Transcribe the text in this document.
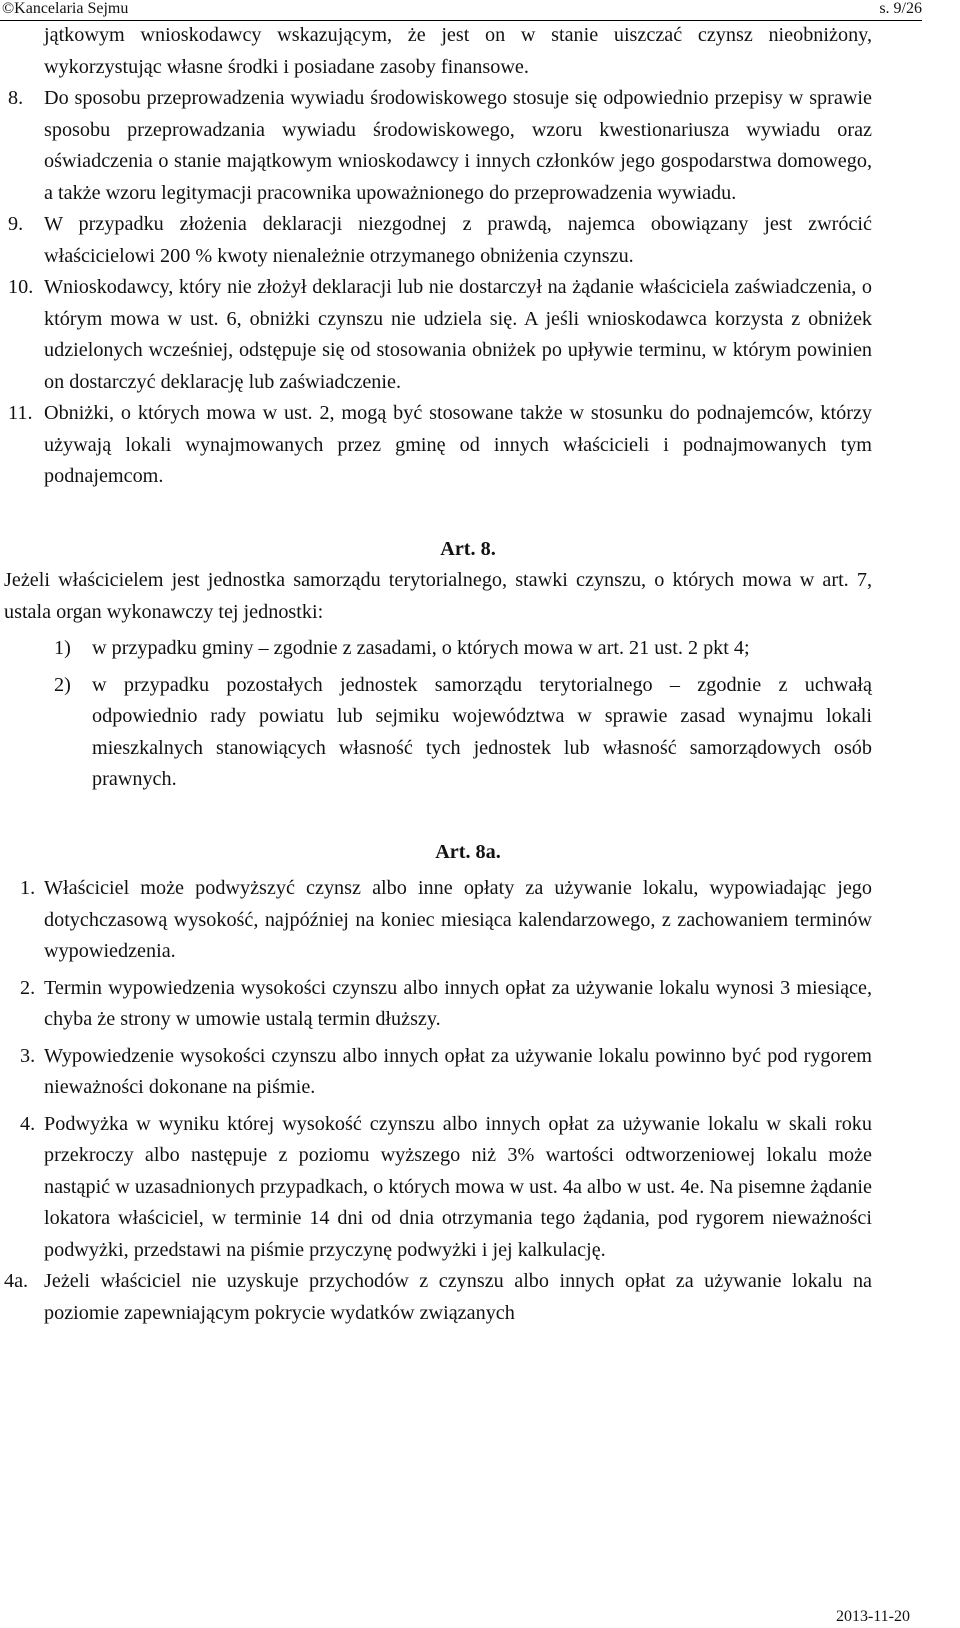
©Kancelaria Sejmu	s. 9/26

jątkowym wnioskodawcy wskazującym, że jest on w stanie uiszczać czynsz nieobniżony, wykorzystując własne środki i posiadane zasoby finansowe.

8. Do sposobu przeprowadzenia wywiadu środowiskowego stosuje się odpowiednio przepisy w sprawie sposobu przeprowadzania wywiadu środowiskowego, wzoru kwestionariusza wywiadu oraz oświadczenia o stanie majątkowym wnioskodawcy i innych członków jego gospodarstwa domowego, a także wzoru legitymacji pracownika upoważnionego do przeprowadzenia wywiadu.

9. W przypadku złożenia deklaracji niezgodnej z prawdą, najemca obowiązany jest zwrócić właścicielowi 200 % kwoty nienależnie otrzymanego obniżenia czynszu.

10. Wnioskodawcy, który nie złożył deklaracji lub nie dostarczył na żądanie właściciela zaświadczenia, o którym mowa w ust. 6, obniżki czynszu nie udziela się. A jeśli wnioskodawca korzysta z obniżek udzielonych wcześniej, odstępuje się od stosowania obniżek po upływie terminu, w którym powinien on dostarczyć deklarację lub zaświadczenie.

11. Obniżki, o których mowa w ust. 2, mogą być stosowane także w stosunku do podnajemców, którzy używają lokali wynajmowanych przez gminę od innych właścicieli i podnajmowanych tym podnajemcom.

Art. 8.

Jeżeli właścicielem jest jednostka samorządu terytorialnego, stawki czynszu, o których mowa w art. 7, ustala organ wykonawczy tej jednostki:

1) w przypadku gminy – zgodnie z zasadami, o których mowa w art. 21 ust. 2 pkt 4;

2) w przypadku pozostałych jednostek samorządu terytorialnego – zgodnie z uchwałą odpowiednio rady powiatu lub sejmiku województwa w sprawie zasad wynajmu lokali mieszkalnych stanowiących własność tych jednostek lub własność samorządowych osób prawnych.

Art. 8a.

1. Właściciel może podwyższyć czynsz albo inne opłaty za używanie lokalu, wypowiadając jego dotychczasową wysokość, najpóźniej na koniec miesiąca kalendarzowego, z zachowaniem terminów wypowiedzenia.

2. Termin wypowiedzenia wysokości czynszu albo innych opłat za używanie lokalu wynosi 3 miesiące, chyba że strony w umowie ustalą termin dłuższy.

3. Wypowiedzenie wysokości czynszu albo innych opłat za używanie lokalu powinno być pod rygorem nieważności dokonane na piśmie.

4. Podwyżka w wyniku której wysokość czynszu albo innych opłat za używanie lokalu w skali roku przekroczy albo następuje z poziomu wyższego niż 3% wartości odtworzeniowej lokalu może nastąpić w uzasadnionych przypadkach, o których mowa w ust. 4a albo w ust. 4e. Na pisemne żądanie lokatora właściciel, w terminie 14 dni od dnia otrzymania tego żądania, pod rygorem nieważności podwyżki, przedstawi na piśmie przyczynę podwyżki i jej kalkulację.

4a. Jeżeli właściciel nie uzyskuje przychodów z czynszu albo innych opłat za używanie lokalu na poziomie zapewniającym pokrycie wydatków związanych

2013-11-20
